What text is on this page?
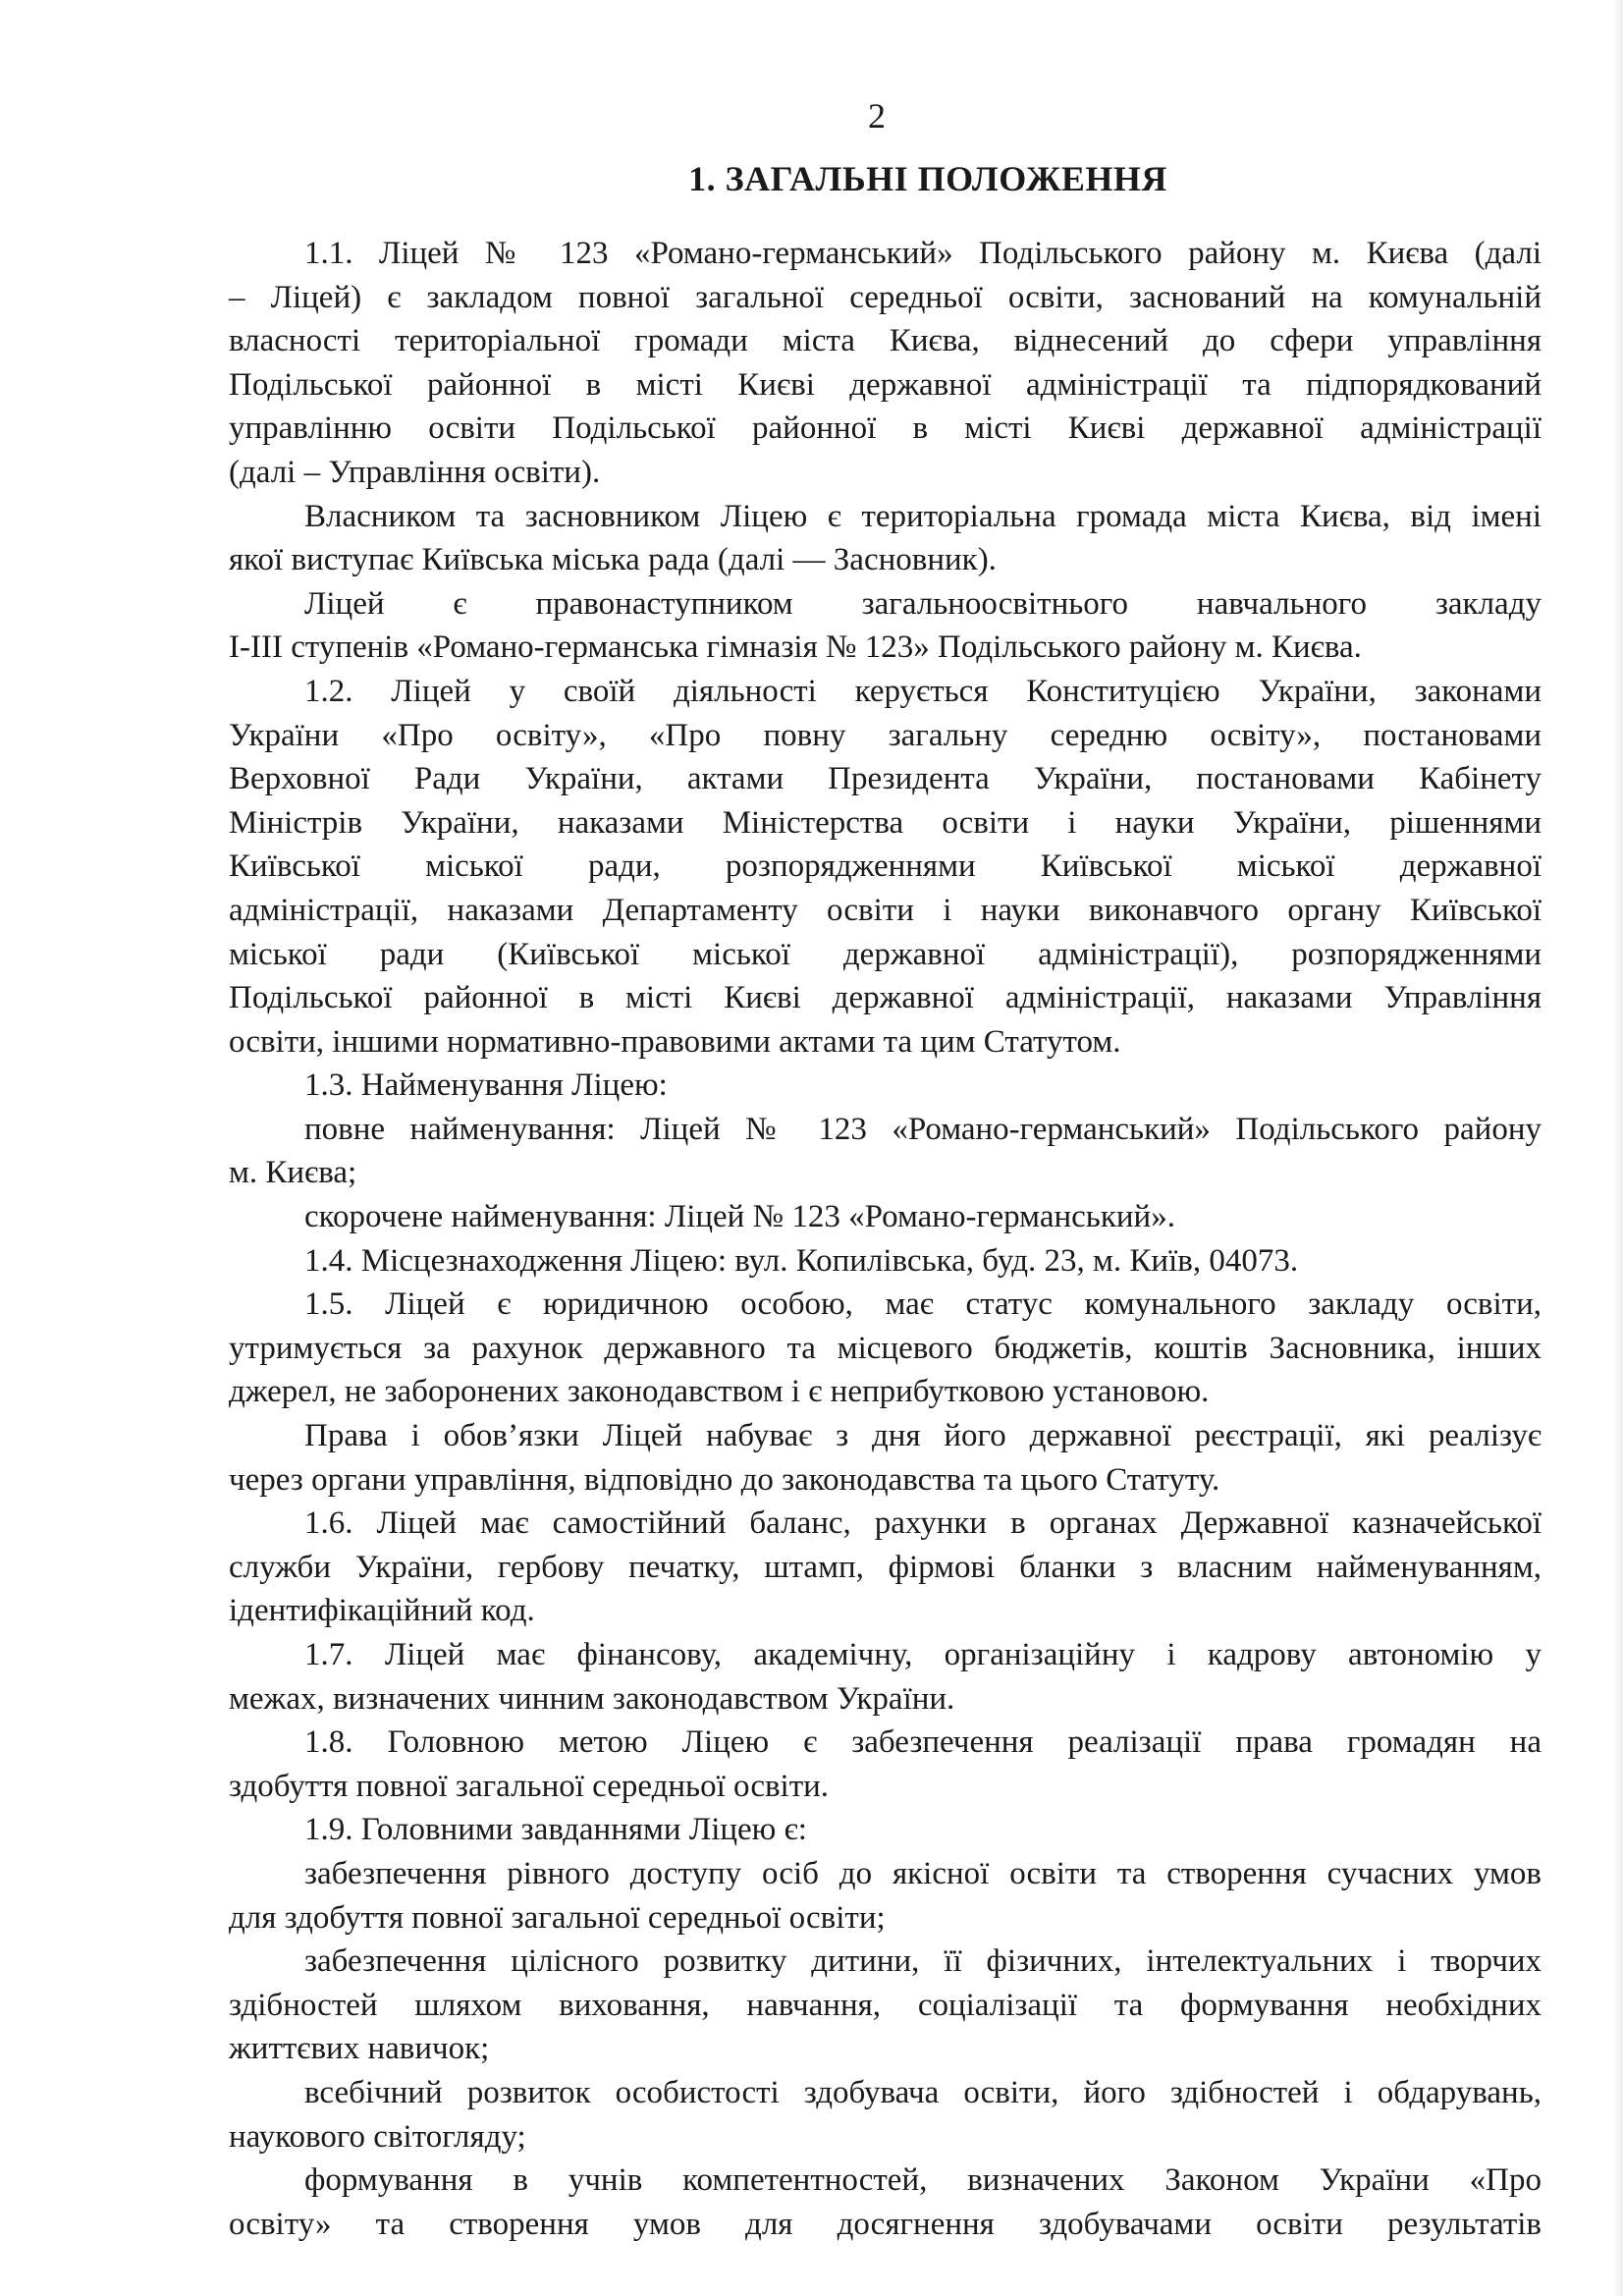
2
1. ЗАГАЛЬНІ ПОЛОЖЕННЯ
1.1. Ліцей № 123 «Романо-германський» Подільського району м. Києва (далі
– Ліцей) є закладом повної загальної середньої освіти, заснований на комунальній
власності територіальної громади міста Києва, віднесений до сфери управління
Подільської районної в місті Києві державної адміністрації та підпорядкований
управлінню освіти Подільської районної в місті Києві державної адміністрації
(далі – Управління освіти).
Власником та засновником Ліцею є територіальна громада міста Києва, від імені
якої виступає Київська міська рада (далі — Засновник).
Ліцей є правонаступником загальноосвітнього навчального закладу
І-ІІІ ступенів «Романо-германська гімназія № 123» Подільського району м. Києва.
1.2. Ліцей у своїй діяльності керується Конституцією України, законами
України «Про освіту», «Про повну загальну середню освіту», постановами
Верховної Ради України, актами Президента України, постановами Кабінету
Міністрів України, наказами Міністерства освіти і науки України, рішеннями
Київської міської ради, розпорядженнями Київської міської державної
адміністрації, наказами Департаменту освіти і науки виконавчого органу Київської
міської ради (Київської міської державної адміністрації), розпорядженнями
Подільської районної в місті Києві державної адміністрації, наказами Управління
освіти, іншими нормативно-правовими актами та цим Статутом.
1.3. Найменування Ліцею:
повне найменування: Ліцей № 123 «Романо-германський» Подільського району
м. Києва;
скорочене найменування: Ліцей № 123 «Романо-германський».
1.4. Місцезнаходження Ліцею: вул. Копилівська, буд. 23, м. Київ, 04073.
1.5. Ліцей є юридичною особою, має статус комунального закладу освіти,
утримується за рахунок державного та місцевого бюджетів, коштів Засновника, інших
джерел, не заборонених законодавством і є неприбутковою установою.
Права і обов’язки Ліцей набуває з дня його державної реєстрації, які реалізує
через органи управління, відповідно до законодавства та цього Статуту.
1.6. Ліцей має самостійний баланс, рахунки в органах Державної казначейської
служби України, гербову печатку, штамп, фірмові бланки з власним найменуванням,
ідентифікаційний код.
1.7. Ліцей має фінансову, академічну, організаційну і кадрову автономію у
межах, визначених чинним законодавством України.
1.8. Головною метою Ліцею є забезпечення реалізації права громадян на
здобуття повної загальної середньої освіти.
1.9. Головними завданнями Ліцею є:
забезпечення рівного доступу осіб до якісної освіти та створення сучасних умов
для здобуття повної загальної середньої освіти;
забезпечення цілісного розвитку дитини, її фізичних, інтелектуальних і творчих
здібностей шляхом виховання, навчання, соціалізації та формування необхідних
життєвих навичок;
всебічний розвиток особистості здобувача освіти, його здібностей і обдарувань,
наукового світогляду;
формування в учнів компетентностей, визначених Законом України «Про
освіту» та створення умов для досягнення здобувачами освіти результатів
